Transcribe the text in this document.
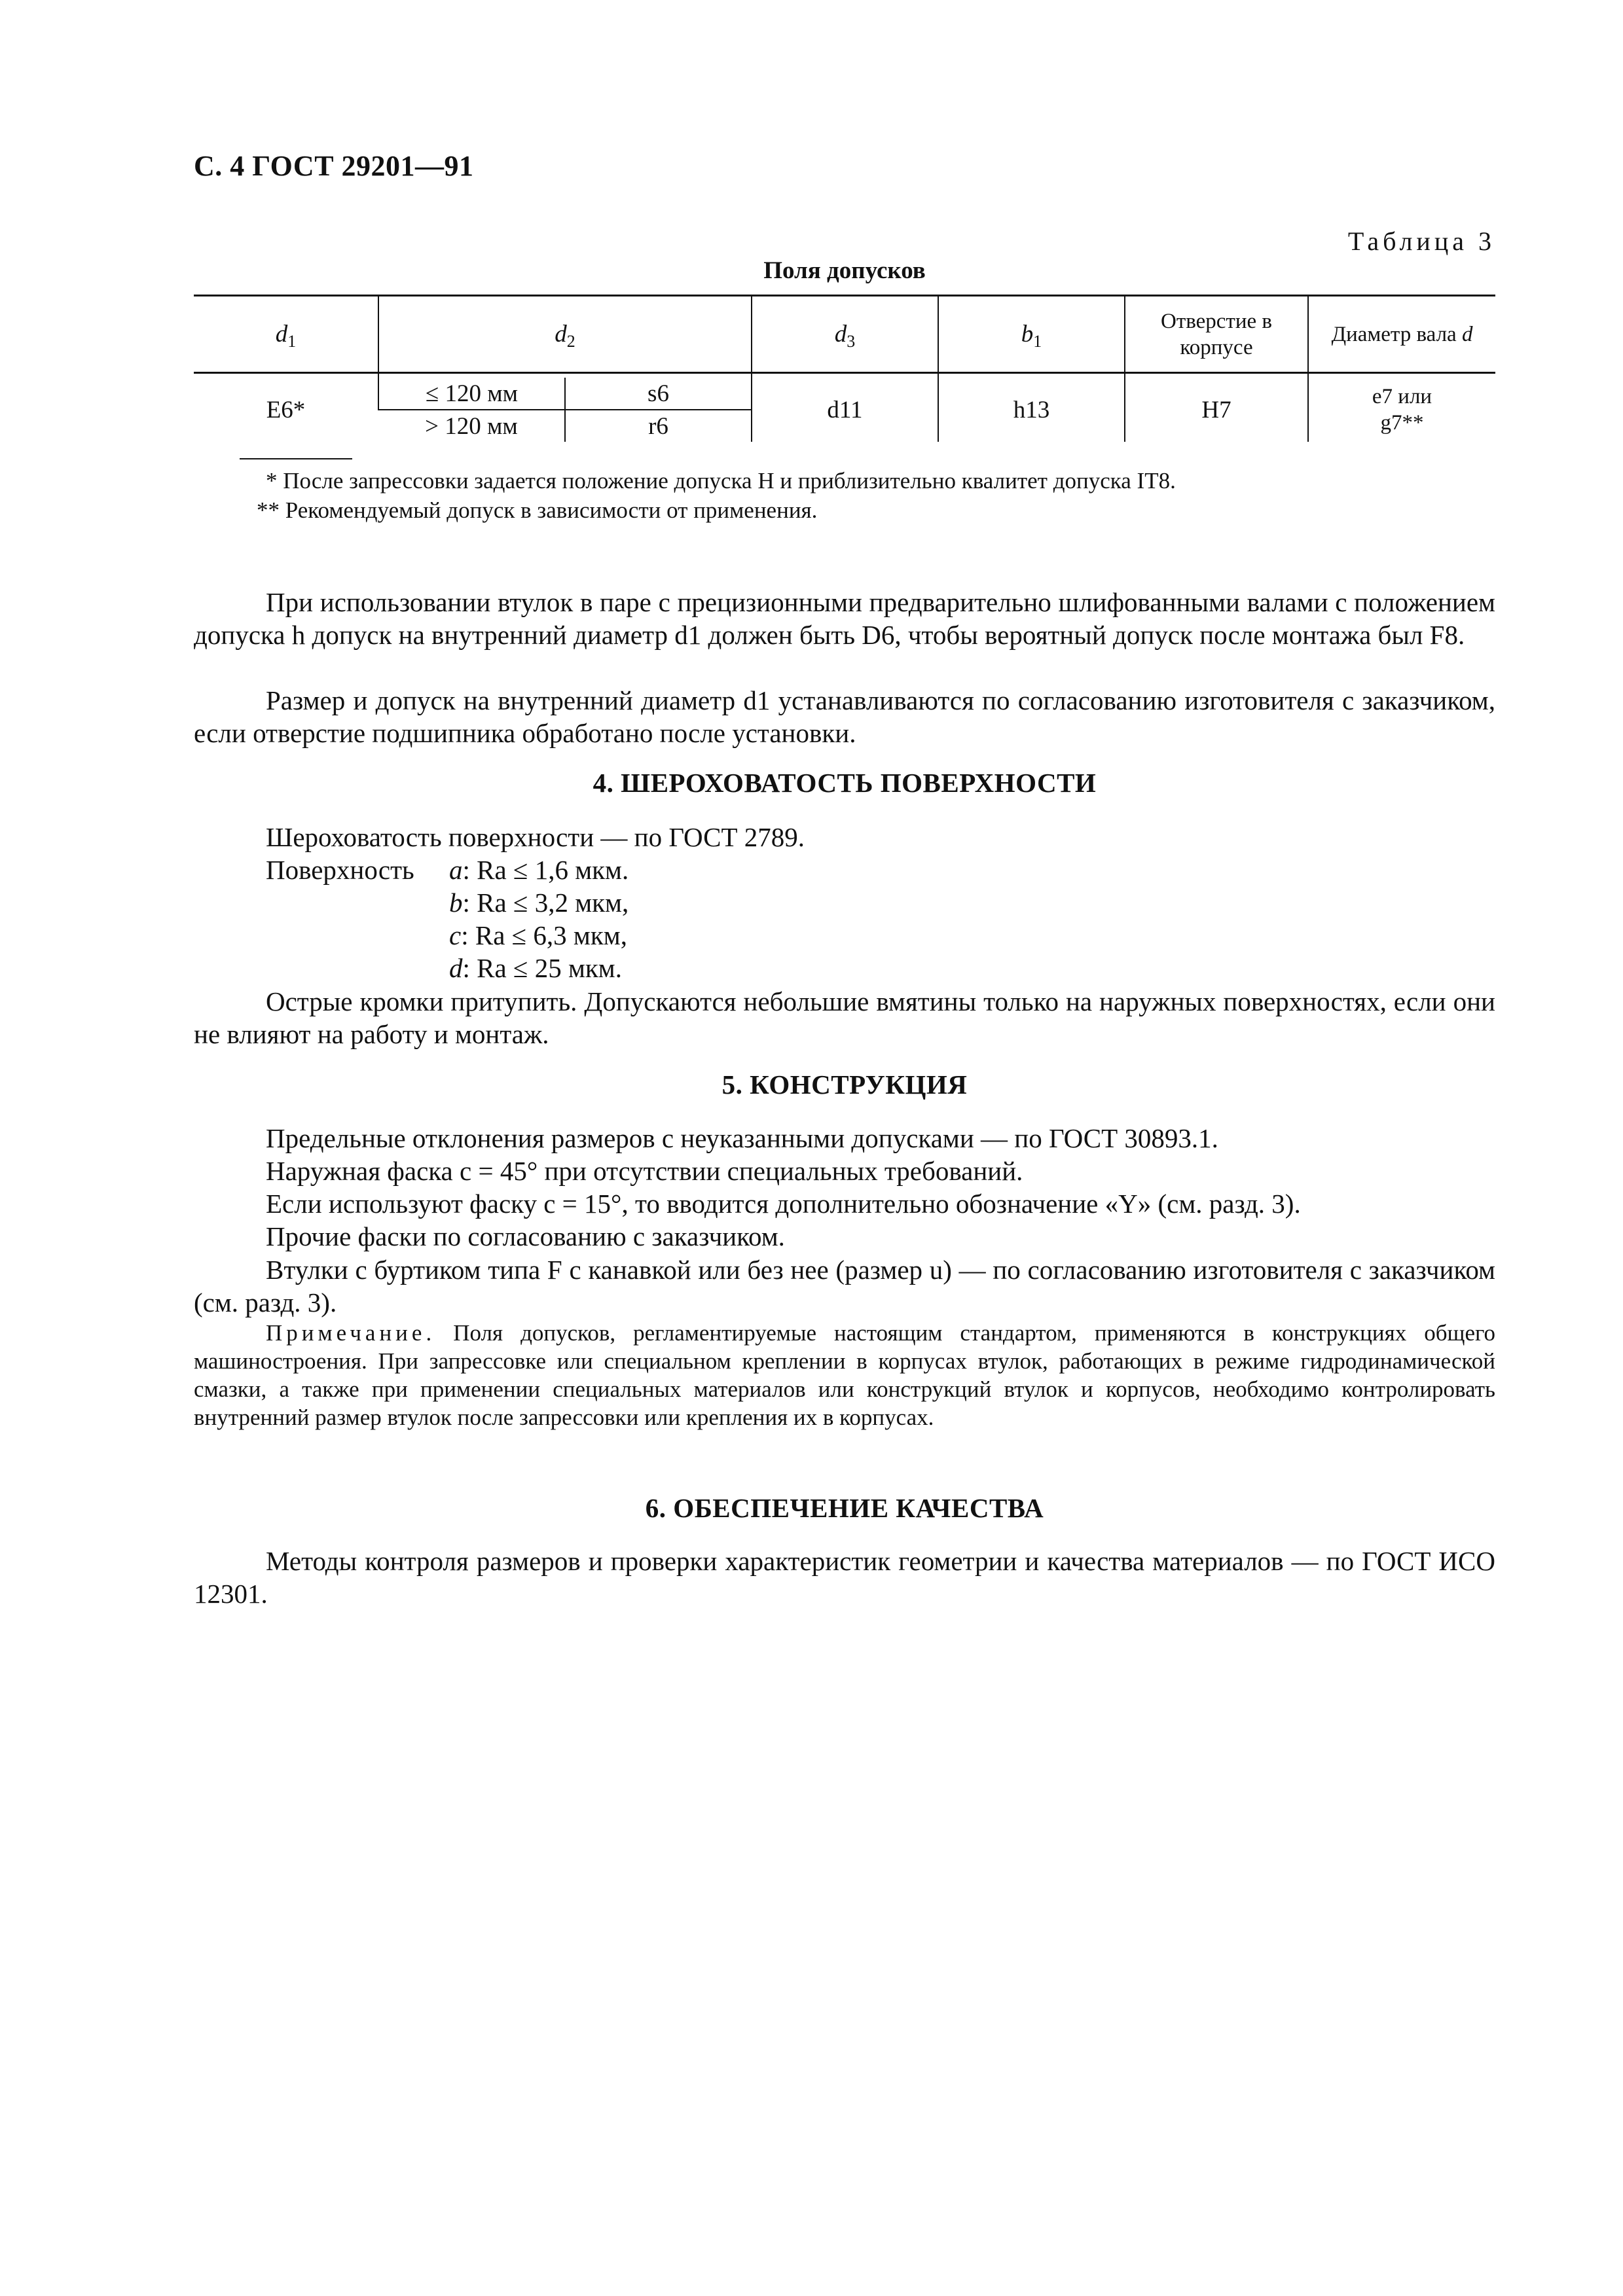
С. 4 ГОСТ 29201—91
Таблица 3
Поля допусков
$d_1$	$d_2$		$d_3$	$b_1$	Отверстие в
корпусе	Диаметр вала d

E6*	≤ 120 мм	s6	d11	h13	H7	e7 или
g7**
	> 120 мм	r6				
* После запрессовки задается положение допуска H и приблизительно квалитет допуска IT8.
** Рекомендуемый допуск в зависимости от применения.

При использовании втулок в паре с прецизионными предварительно шлифованными валами с положением допуска h допуск на внутренний диаметр d1 должен быть D6, чтобы вероятный допуск после монтажа был F8.

Размер и допуск на внутренний диаметр d1 устанавливаются по согласованию изготовителя с заказчиком, если отверстие подшипника обработано после установки.

4. ШЕРОХОВАТОСТЬ ПОВЕРХНОСТИ
Шероховатость поверхности — по ГОСТ 2789.
Поверхность a: Ra ≤ 1,6 мкм.
b: Ra ≤ 3,2 мкм,
c: Ra ≤ 6,3 мкм,
d: Ra ≤ 25 мкм.

Острые кромки притупить. Допускаются небольшие вмятины только на наружных поверхностях, если они не влияют на работу и монтаж.

5. КОНСТРУКЦИЯ
Предельные отклонения размеров с неуказанными допусками — по ГОСТ 30893.1.
Наружная фаска c = 45° при отсутствии специальных требований.
Если используют фаску c = 15°, то вводится дополнительно обозначение «Y» (см. разд. 3).
Прочие фаски по согласованию с заказчиком.

Втулки с буртиком типа F с канавкой или без нее (размер u) — по согласованию изготовителя с заказчиком (см. разд. 3).

Примечание. Поля допусков, регламентируемые настоящим стандартом, применяются в конструкциях общего машиностроения. При запрессовке или специальном креплении в корпусах втулок, работающих в режиме гидродинамической смазки, а также при применении специальных материалов или конструкций втулок и корпусов, необходимо контролировать внутренний размер втулок после запрессовки или крепления их в корпусах.

6. ОБЕСПЕЧЕНИЕ КАЧЕСТВА

Методы контроля размеров и проверки характеристик геометрии и качества материалов — по ГОСТ ИСО 12301.
